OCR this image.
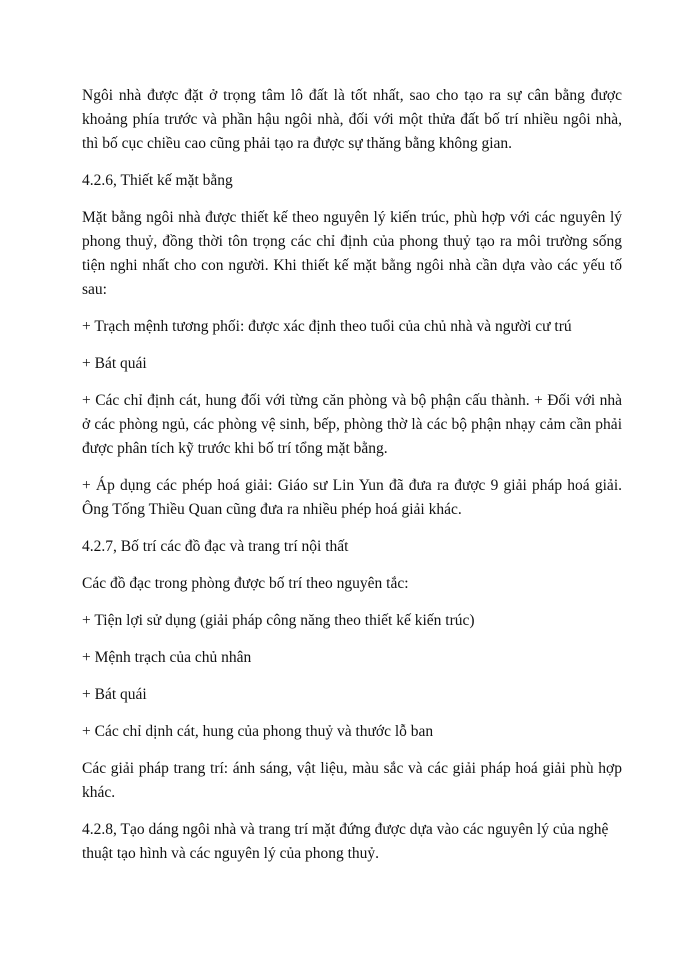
Ngôi nhà được đặt ở trọng tâm lô đất là tốt nhất, sao cho tạo ra sự cân bằng được khoảng phía trước và phần hậu ngôi nhà, đối với một thửa đất bố trí nhiều ngôi nhà, thì bố cục chiều cao cũng phải tạo ra được sự thăng bằng không gian.

4.2.6, Thiết kế mặt bằng

Mặt bằng ngôi nhà được thiết kế theo nguyên lý kiến trúc, phù hợp với các nguyên lý phong thuỷ, đồng thời tôn trọng các chỉ định của phong thuỷ tạo ra môi trường sống tiện nghi nhất cho con người. Khi thiết kế mặt bằng ngôi nhà cần dựa vào các yếu tố sau:

+ Trạch mệnh tương phối: được xác định theo tuổi của chủ nhà và người cư trú

+ Bát quái

+ Các chỉ định cát, hung đối với từng căn phòng và bộ phận cấu thành. + Đối với nhà ở các phòng ngủ, các phòng vệ sinh, bếp, phòng thờ là các bộ phận nhạy cảm cần phải được phân tích kỹ trước khi bố trí tổng mặt bằng.

+ Áp dụng các phép hoá giải: Giáo sư Lin Yun đã đưa ra được 9 giải pháp hoá giải. Ông Tống Thiều Quan cũng đưa ra nhiều phép hoá giải khác.

4.2.7, Bố trí các đồ đạc và trang trí nội thất

Các đồ đạc trong phòng được bố trí theo nguyên tắc:

+ Tiện lợi sử dụng (giải pháp công năng theo thiết kế kiến trúc)

+ Mệnh trạch của chủ nhân

+ Bát quái

+ Các chỉ dịnh cát, hung của phong thuỷ và thước lỗ ban

Các giải pháp trang trí: ánh sáng, vật liệu, màu sắc và các giải pháp hoá giải phù hợp khác.

4.2.8, Tạo dáng ngôi nhà và trang trí mặt đứng được dựa vào các nguyên lý của nghệ thuật tạo hình và các nguyên lý của phong thuỷ.
